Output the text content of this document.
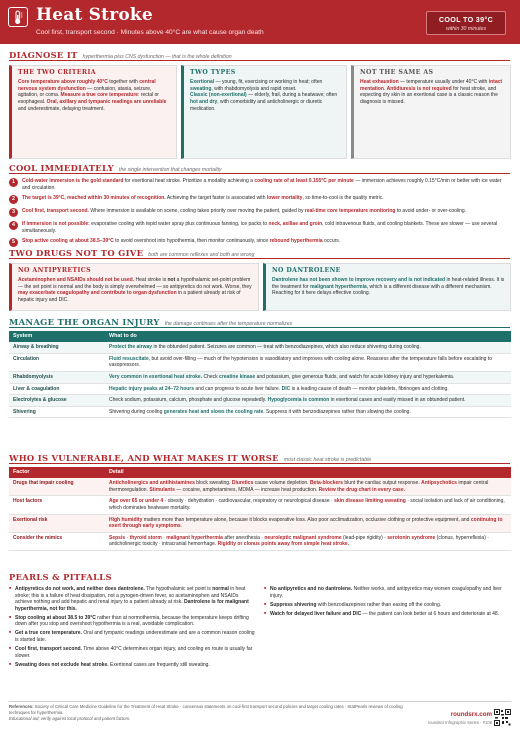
Heat Stroke
Cool first, transport second · Minutes above 40°C are what cause organ death
COOL TO 39°C
within 30 minutes
DIAGNOSE IT hyperthermia plus CNS dysfunction — that is the whole definition
THE TWO CRITERIA
Core temperature above roughly 40°C together with central nervous system dysfunction — confusion, ataxia, seizure, agitation, or coma. Measure a true core temperature: rectal or esophageal. Oral, axillary and tympanic readings are unreliable and underestimate, delaying treatment.
TWO TYPES
Exertional — young, fit, exercising or working in heat; often sweating, with rhabdomyolysis and rapid onset.
Classic (non-exertional) — elderly, frail, during a heatwave; often hot and dry, with comorbidity and anticholinergic or diuretic medication.
NOT THE SAME AS
Heat exhaustion — temperature usually under 40°C with intact mentation. Antidiuresis is not required for heat stroke, and expecting dry skin in an exertional case is a classic reason the diagnosis is missed.
COOL IMMEDIATELY the single intervention that changes mortality
1	Cold-water immersion is the gold standard for exertional heat stroke. Prioritize a modality achieving a cooling rate of at least 0.155°C per minute — immersion achieves roughly 0.15°C/min or better with ice water and circulation.
2	The target is 39°C, reached within 30 minutes of recognition. Achieving the target faster is associated with lower mortality, so time-to-cool is the quality metric.
3	Cool first, transport second. Where immersion is available on scene, cooling takes priority over moving the patient, guided by real-time core temperature monitoring to avoid under- or over-cooling.
4	If immersion is not possible: evaporative cooling with tepid water spray plus continuous fanning, ice packs to neck, axillae and groin, cold intravenous fluids, and cooling blankets. These are slower — use several simultaneously.
5	Stop active cooling at about 38.5–39°C to avoid overshoot into hypothermia, then monitor continuously, since rebound hyperthermia occurs.
TWO DRUGS NOT TO GIVE both are common reflexes and both are wrong
NO ANTIPYRETICS
Acetaminophen and NSAIDs should not be used. Heat stroke is not a hypothalamic set-point problem — the set point is normal and the body is simply overwhelmed — so antipyretics do not work. Worse, they may exacerbate coagulopathy and contribute to organ dysfunction in a patient already at risk of hepatic injury and DIC.
NO DANTROLENE
Dantrolene has not been shown to improve recovery and is not indicated in heat-related illness. It is the treatment for malignant hyperthermia, which is a different disease with a different mechanism. Reaching for it here delays effective cooling.
MANAGE THE ORGAN INJURY the damage continues after the temperature normalizes
System	What to do
Airway & breathing	Protect the airway in the obtunded patient. Seizures are common — treat with benzodiazepines, which also reduce shivering during cooling.
Circulation	Fluid resuscitate, but avoid over-filling — much of the hypotension is vasodilatory and improves with cooling alone. Reassess after the temperature falls before escalating to vasopressors.
Rhabdomyolysis	Very common in exertional heat stroke. Check creatine kinase and potassium, give generous fluids, and watch for acute kidney injury and hyperkalemia.
Liver & coagulation	Hepatic injury peaks at 24–72 hours and can progress to acute liver failure. DIC is a leading cause of death — monitor platelets, fibrinogen and clotting.
Electrolytes & glucose	Check sodium, potassium, calcium, phosphate and glucose repeatedly. Hypoglycemia is common in exertional cases and easily missed in an obtunded patient.
Shivering	Shivering during cooling generates heat and slows the cooling rate. Suppress it with benzodiazepines rather than slowing the cooling.
WHO IS VULNERABLE, AND WHAT MAKES IT WORSE most classic heat stroke is predictable
Factor	Detail
Drugs that impair cooling	Anticholinergics and antihistamines block sweating. Diuretics cause volume depletion. Beta-blockers blunt the cardiac output response. Antipsychotics impair central thermoregulation. Stimulants — cocaine, amphetamines, MDMA — increase heat production. Review the drug chart in every case.
Host factors	Age over 65 or under 4 · obesity · dehydration · cardiovascular, respiratory or neurological disease · skin disease limiting sweating · social isolation and lack of air conditioning, which dominates heatwave mortality.
Exertional risk	High humidity matters more than temperature alone, because it blocks evaporative loss. Also poor acclimatization, occlusive clothing or protective equipment, and continuing to exert through early symptoms.
Consider the mimics	Sepsis · thyroid storm · malignant hyperthermia after anesthesia · neuroleptic malignant syndrome (lead-pipe rigidity) · serotonin syndrome (clonus, hyperreflexia) · anticholinergic toxicity · intracranial hemorrhage. Rigidity or clonus points away from simple heat stroke.
PEARLS & PITFALLS
■ Antipyretics do not work, and neither does dantrolene. The hypothalamic set point is normal in heat stroke; this is a failure of heat dissipation, not a pyrogen-driven fever, so acetaminophen and NSAIDs achieve nothing and add hepatic and renal injury to a patient already at risk. Dantrolene is for malignant hyperthermia, not for this.
■ Stop cooling at about 38.5 to 39°C rather than at normothermia, because the temperature keeps drifting down after you stop and overshoot hypothermia is a real, avoidable complication.
■ Get a true core temperature. Oral and tympanic readings underestimate and are a common reason cooling is started late.
■ Cool first, transport second. Time above 40°C determines organ injury, and cooling en route is usually far slower.
■ Sweating does not exclude heat stroke. Exertional cases are frequently still sweating.
■ No antipyretics and no dantrolene. Neither works, and antipyretics may worsen coagulopathy and liver injury.
■ Suppress shivering with benzodiazepines rather than easing off the cooling.
■ Watch for delayed liver failure and DIC — the patient can look better at 6 hours and deteriorate at 48.
References: Society of Critical Care Medicine Guideline for the Treatment of Heat Stroke · consensus statements on cool-first transport second policies and target cooling rates · StatPearls reviews of cooling techniques for hyperthermia.
Educational aid; verify against local protocol and patient factors.
roundsrx.com
roundsrx Infographic Series · #108
